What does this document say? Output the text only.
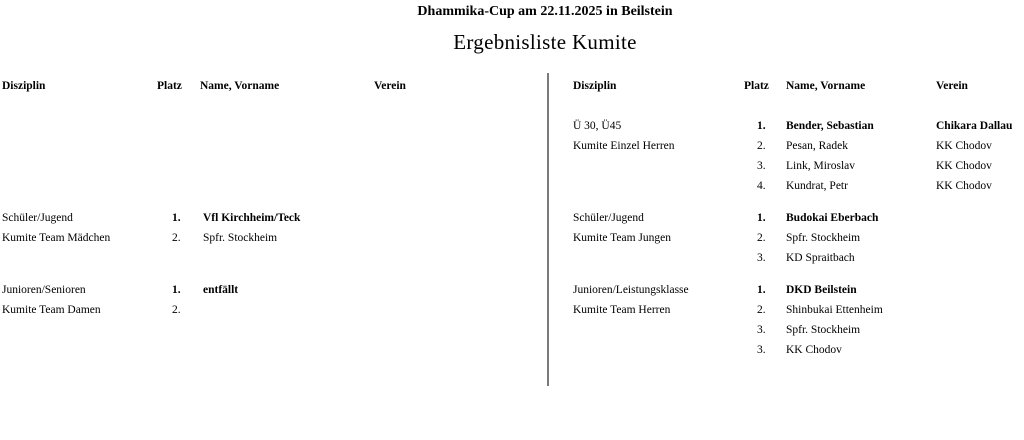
Dhammika-Cup am 22.11.2025 in Beilstein
Ergebnisliste Kumite
Disziplin	Platz Name, Vorname	Verein	Disziplin	Platz Name, Vorname	Verein
Ü 30, Ü45
Kumite Einzel Herren
1. Bender, Sebastian	Chikara Dallau
2. Pesan, Radek	KK Chodov
3. Link, Miroslav	KK Chodov
4. Kundrat, Petr	KK Chodov
Schüler/Jugend
Kumite Team Mädchen
1. Vfl Kirchheim/Teck
2. Spfr. Stockheim
Schüler/Jugend
Kumite Team Jungen
1. Budokai Eberbach
2. Spfr. Stockheim
3. KD Spraitbach
Junioren/Senioren
Kumite Team Damen
1. entfällt
2.
Junioren/Leistungsklasse
Kumite Team Herren
1. DKD Beilstein
2. Shinbukai Ettenheim
3. Spfr. Stockheim
3. KK Chodov
